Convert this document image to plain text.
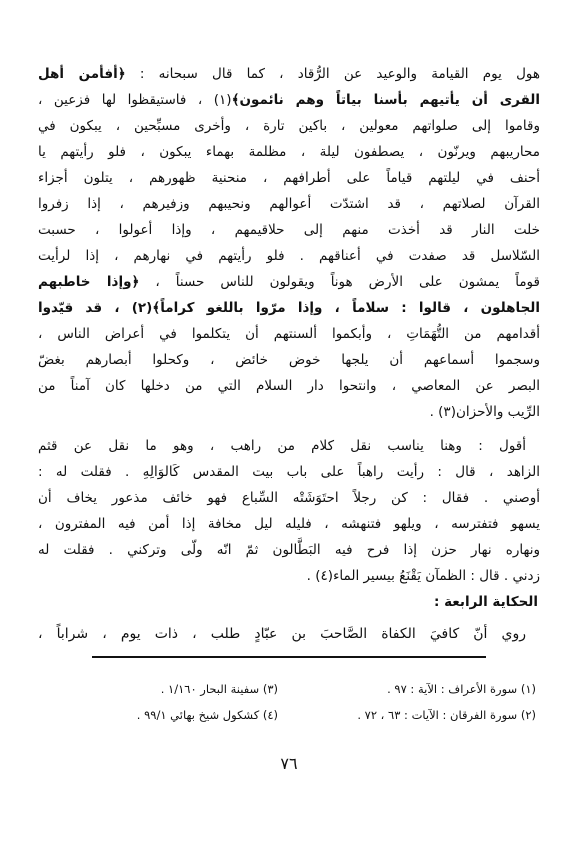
هول يوم القيامة والوعيد عن الرُّقاد ، كما قال سبحانه : ﴿أفأمن أهل
القرى أن يأتيهم بأسنا بياتاً وهم نائمون﴾(١) ، فاستيقظوا لها فزعين ،
وقاموا إلى صلواتهم معولين ، باكين تارة ، وأخرى مسبِّحين ، يبكون في
محاريبهم ويرنّون ، يصطفون ليلة ، مظلمة بهماء يبكون ، فلو رأيتهم يا
أحنف في ليلتهم قياماً على أطرافهم ، منحنية ظهورهم ، يتلون أجزاء
القرآن لصلاتهم ، قد اشتدّت أعوالهم ونحيبهم وزفيرهم ، إذا زفروا
خلت النار قد أخذت منهم إلى حلاقيمهم ، وإذا أعولوا ، حسبت
السّلاسل قد صفدت في أعناقهم . فلو رأيتهم في نهارهم ، إذا لرأيت
قوماً يمشون على الأرض هوناً ويقولون للناس حسناً ، ﴿وإذا خاطبهم
الجاهلون ، قالوا : سلاماً ، وإذا مرّوا باللغو كراماً﴾(٢) ، قد قيّدوا
أقدامهم من التُّهَمَاتِ ، وأبكموا ألسنتهم أن يتكلموا في أعراض الناس ،
وسجموا أسماعهم أن يلجها خوض خائض ، وكحلوا أبصارهم بغضّ
البصر عن المعاصي ، وانتحوا دار السلام التي من دخلها كان آمناً من
الرِّيب والأحزان(٣) .
أقول : وهنا يناسب نقل كلام من راهب ، وهو ما نقل عن قثم
الزاهد ، قال : رأيت راهباً على باب بيت المقدس كَالوَالِهِ . فقلت له :
أوصني . فقال : كن رجلاً احتَوَشَتْه السِّباع فهو خائف مذعور يخاف أن
يسهو فتفترسه ، ويلهو فتنهشه ، فليله ليل مخافة إذا أمن فيه المفترون ،
ونهاره نهار حزن إذا فرح فيه البَطَّالون ثمّ انّه ولّى وتركني . فقلت له
زدني . قال : الظمآن يَقْنَعُ بيسير الماء(٤) .
الحكاية الرابعة :
روي أنّ كافيَ الكفاة الصَّاحبَ بن عبّادٍ طلب ، ذات يوم ، شراباً ،
(١) سورة الأعراف : الآية : ٩٧ .
(٣) سفينة البحار ١/١٦٠ .
(٢) سورة الفرقان : الآيات : ٦٣ ، ٧٢ .
(٤) كشكول شيخ بهائي ٩٩/١ .
٧٦
